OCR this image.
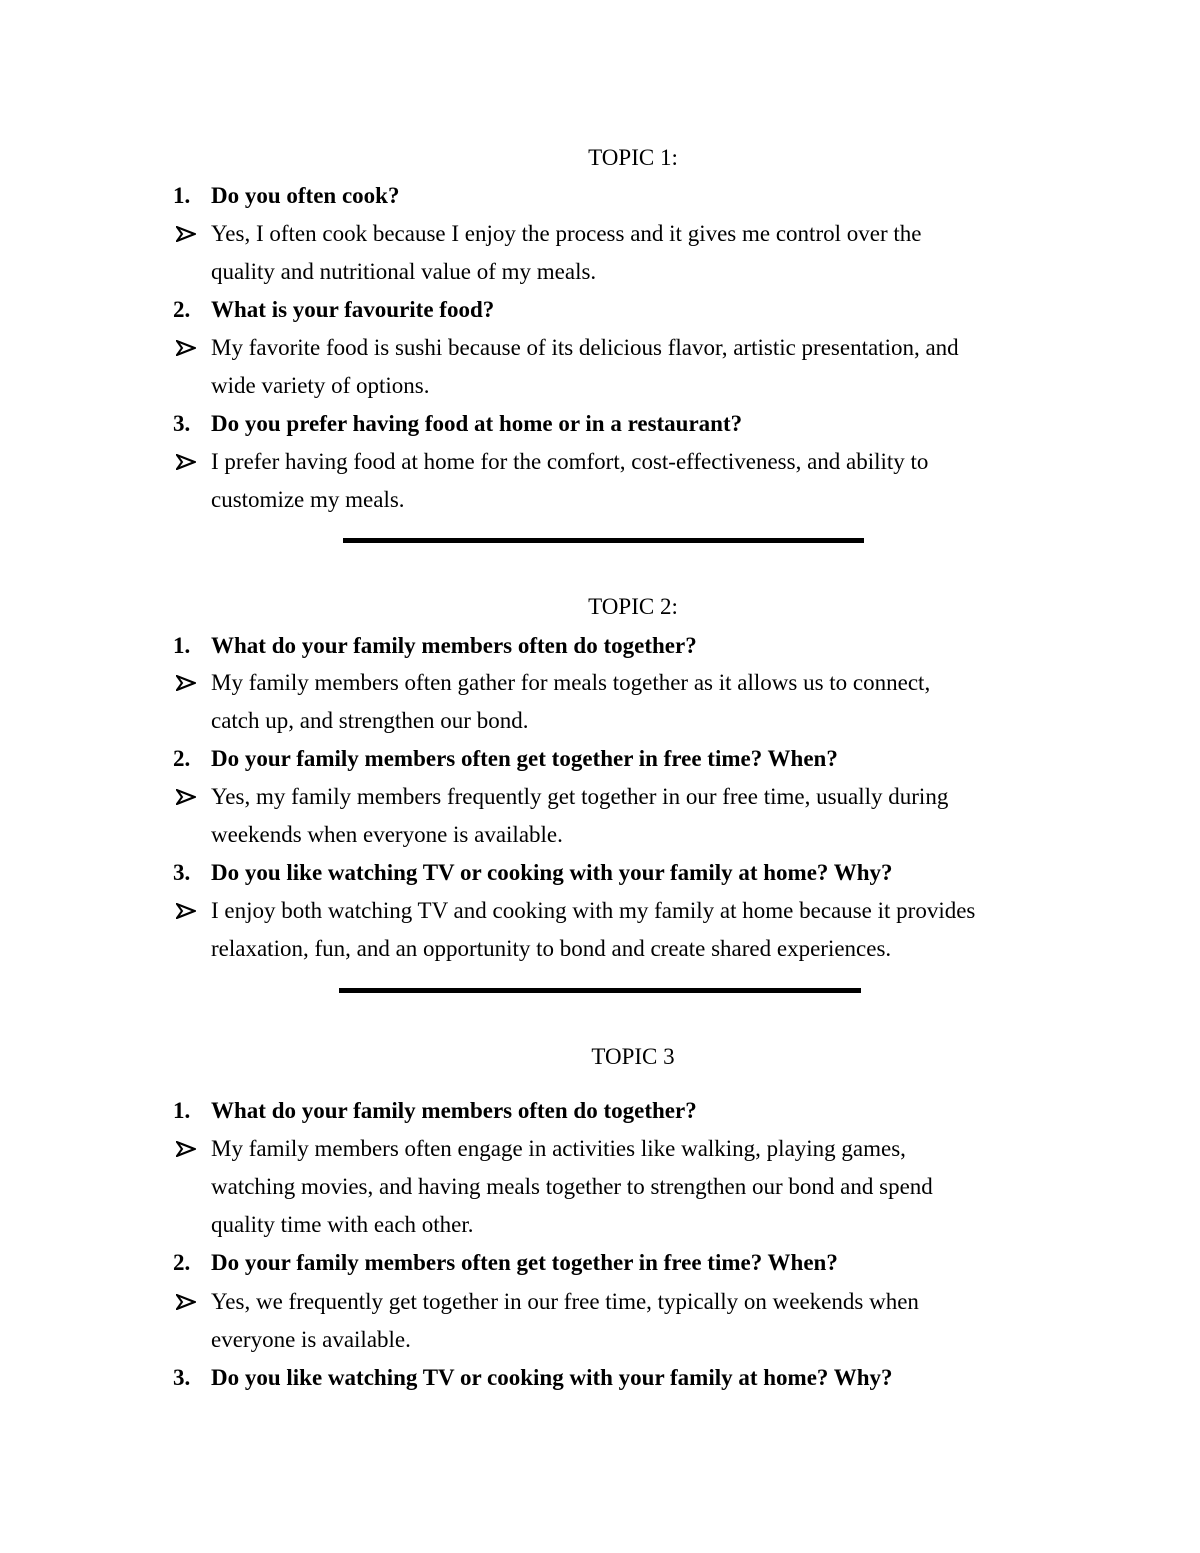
TOPIC 1:
1. Do you often cook?
Yes, I often cook because I enjoy the process and it gives me control over the
quality and nutritional value of my meals.
2. What is your favourite food?
My favorite food is sushi because of its delicious flavor, artistic presentation, and
wide variety of options.
3. Do you prefer having food at home or in a restaurant?
I prefer having food at home for the comfort, cost-effectiveness, and ability to
customize my meals.
TOPIC 2:
1. What do your family members often do together?
My family members often gather for meals together as it allows us to connect,
catch up, and strengthen our bond.
2. Do your family members often get together in free time? When?
Yes, my family members frequently get together in our free time, usually during
weekends when everyone is available.
3. Do you like watching TV or cooking with your family at home? Why?
I enjoy both watching TV and cooking with my family at home because it provides
relaxation, fun, and an opportunity to bond and create shared experiences.
TOPIC 3
1. What do your family members often do together?
My family members often engage in activities like walking, playing games,
watching movies, and having meals together to strengthen our bond and spend
quality time with each other.
2. Do your family members often get together in free time? When?
Yes, we frequently get together in our free time, typically on weekends when
everyone is available.
3. Do you like watching TV or cooking with your family at home? Why?
